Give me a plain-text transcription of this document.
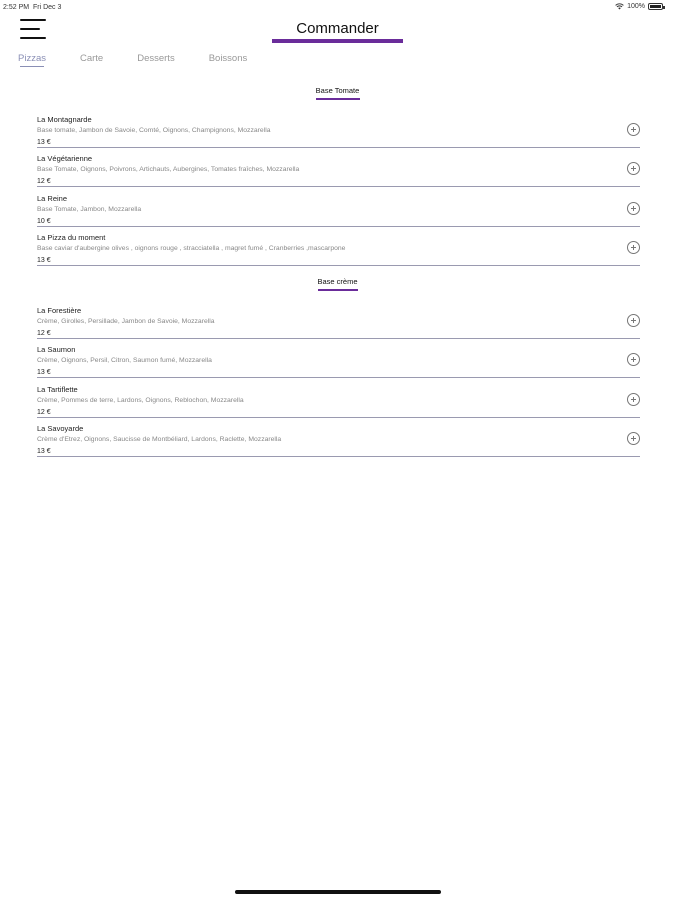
2:52 PM Fri Dec 3	100%
Commander
Pizzas	Carte	Desserts	Boissons
Base Tomate
La Montagnarde
Base tomate, Jambon de Savoie, Comté, Oignons, Champignons, Mozzarella
13 €
La Végétarienne
Base Tomate, Oignons, Poivrons, Artichauts, Aubergines, Tomates fraîches, Mozzarella
12 €
La Reine
Base Tomate, Jambon, Mozzarella
10 €
La Pizza du moment
Base caviar d'aubergine olives , oignons rouge , stracciatella , magret fumé , Cranberries ,mascarpone
13 €
Base crème
La Forestière
Crème, Girolles, Persillade, Jambon de Savoie, Mozzarella
12 €
La Saumon
Crème, Oignons, Persil, Citron, Saumon fumé, Mozzarella
13 €
La Tartiflette
Crème, Pommes de terre, Lardons, Oignons, Reblochon, Mozzarella
12 €
La Savoyarde
Crème d'Etrez, Oignons, Saucisse de Montbéliard, Lardons, Raclette, Mozzarella
13 €
